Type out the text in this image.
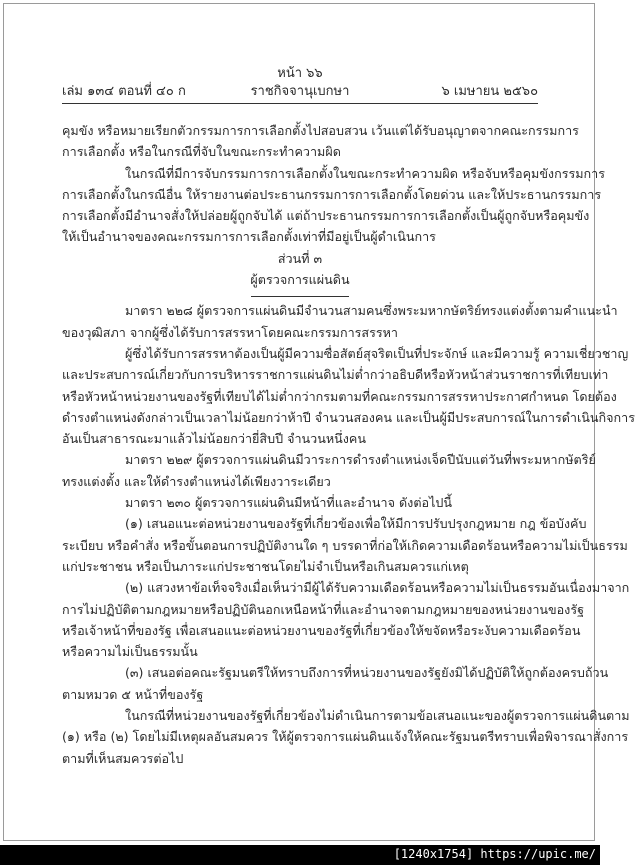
หน้า ๖๖
เล่ม ๑๓๔ ตอนที่ ๔๐ ก	ราชกิจจานุเบกษา	๖ เมษายน ๒๕๖๐
คุมขัง หรือหมายเรียกตัวกรรมการการเลือกตั้งไปสอบสวน เว้นแต่ได้รับอนุญาตจากคณะกรรมการ
การเลือกตั้ง หรือในกรณีที่จับในขณะกระทำความผิด
ในกรณีที่มีการจับกรรมการการเลือกตั้งในขณะกระทำความผิด หรือจับหรือคุมขังกรรมการ
การเลือกตั้งในกรณีอื่น ให้รายงานต่อประธานกรรมการการเลือกตั้งโดยด่วน และให้ประธานกรรมการ
การเลือกตั้งมีอำนาจสั่งให้ปล่อยผู้ถูกจับได้ แต่ถ้าประธานกรรมการการเลือกตั้งเป็นผู้ถูกจับหรือคุมขัง
ให้เป็นอำนาจของคณะกรรมการการเลือกตั้งเท่าที่มีอยู่เป็นผู้ดำเนินการ
ส่วนที่ ๓
ผู้ตรวจการแผ่นดิน
มาตรา ๒๒๘ ผู้ตรวจการแผ่นดินมีจำนวนสามคนซึ่งพระมหากษัตริย์ทรงแต่งตั้งตามคำแนะนำ
ของวุฒิสภา จากผู้ซึ่งได้รับการสรรหาโดยคณะกรรมการสรรหา
ผู้ซึ่งได้รับการสรรหาต้องเป็นผู้มีความซื่อสัตย์สุจริตเป็นที่ประจักษ์ และมีความรู้ ความเชี่ยวชาญ
และประสบการณ์เกี่ยวกับการบริหารราชการแผ่นดินไม่ต่ำกว่าอธิบดีหรือหัวหน้าส่วนราชการที่เทียบเท่า
หรือหัวหน้าหน่วยงานของรัฐที่เทียบได้ไม่ต่ำกว่ากรมตามที่คณะกรรมการสรรหาประกาศกำหนด โดยต้อง
ดำรงตำแหน่งดังกล่าวเป็นเวลาไม่น้อยกว่าห้าปี จำนวนสองคน และเป็นผู้มีประสบการณ์ในการดำเนินกิจการ
อันเป็นสาธารณะมาแล้วไม่น้อยกว่ายี่สิบปี จำนวนหนึ่งคน
มาตรา ๒๒๙ ผู้ตรวจการแผ่นดินมีวาระการดำรงตำแหน่งเจ็ดปีนับแต่วันที่พระมหากษัตริย์
ทรงแต่งตั้ง และให้ดำรงตำแหน่งได้เพียงวาระเดียว
มาตรา ๒๓๐ ผู้ตรวจการแผ่นดินมีหน้าที่และอำนาจ ดังต่อไปนี้
(๑) เสนอแนะต่อหน่วยงานของรัฐที่เกี่ยวข้องเพื่อให้มีการปรับปรุงกฎหมาย กฎ ข้อบังคับ
ระเบียบ หรือคำสั่ง หรือขั้นตอนการปฏิบัติงานใด ๆ บรรดาที่ก่อให้เกิดความเดือดร้อนหรือความไม่เป็นธรรม
แก่ประชาชน หรือเป็นภาระแก่ประชาชนโดยไม่จำเป็นหรือเกินสมควรแก่เหตุ
(๒) แสวงหาข้อเท็จจริงเมื่อเห็นว่ามีผู้ได้รับความเดือดร้อนหรือความไม่เป็นธรรมอันเนื่องมาจาก
การไม่ปฏิบัติตามกฎหมายหรือปฏิบัตินอกเหนือหน้าที่และอำนาจตามกฎหมายของหน่วยงานของรัฐ
หรือเจ้าหน้าที่ของรัฐ เพื่อเสนอแนะต่อหน่วยงานของรัฐที่เกี่ยวข้องให้ขจัดหรือระงับความเดือดร้อน
หรือความไม่เป็นธรรมนั้น
(๓) เสนอต่อคณะรัฐมนตรีให้ทราบถึงการที่หน่วยงานของรัฐยังมิได้ปฏิบัติให้ถูกต้องครบถ้วน
ตามหมวด ๕ หน้าที่ของรัฐ
ในกรณีที่หน่วยงานของรัฐที่เกี่ยวข้องไม่ดำเนินการตามข้อเสนอแนะของผู้ตรวจการแผ่นดินตาม
(๑) หรือ (๒) โดยไม่มีเหตุผลอันสมควร ให้ผู้ตรวจการแผ่นดินแจ้งให้คณะรัฐมนตรีทราบเพื่อพิจารณาสั่งการ
ตามที่เห็นสมควรต่อไป
[1240x1754] https://upic.me/
